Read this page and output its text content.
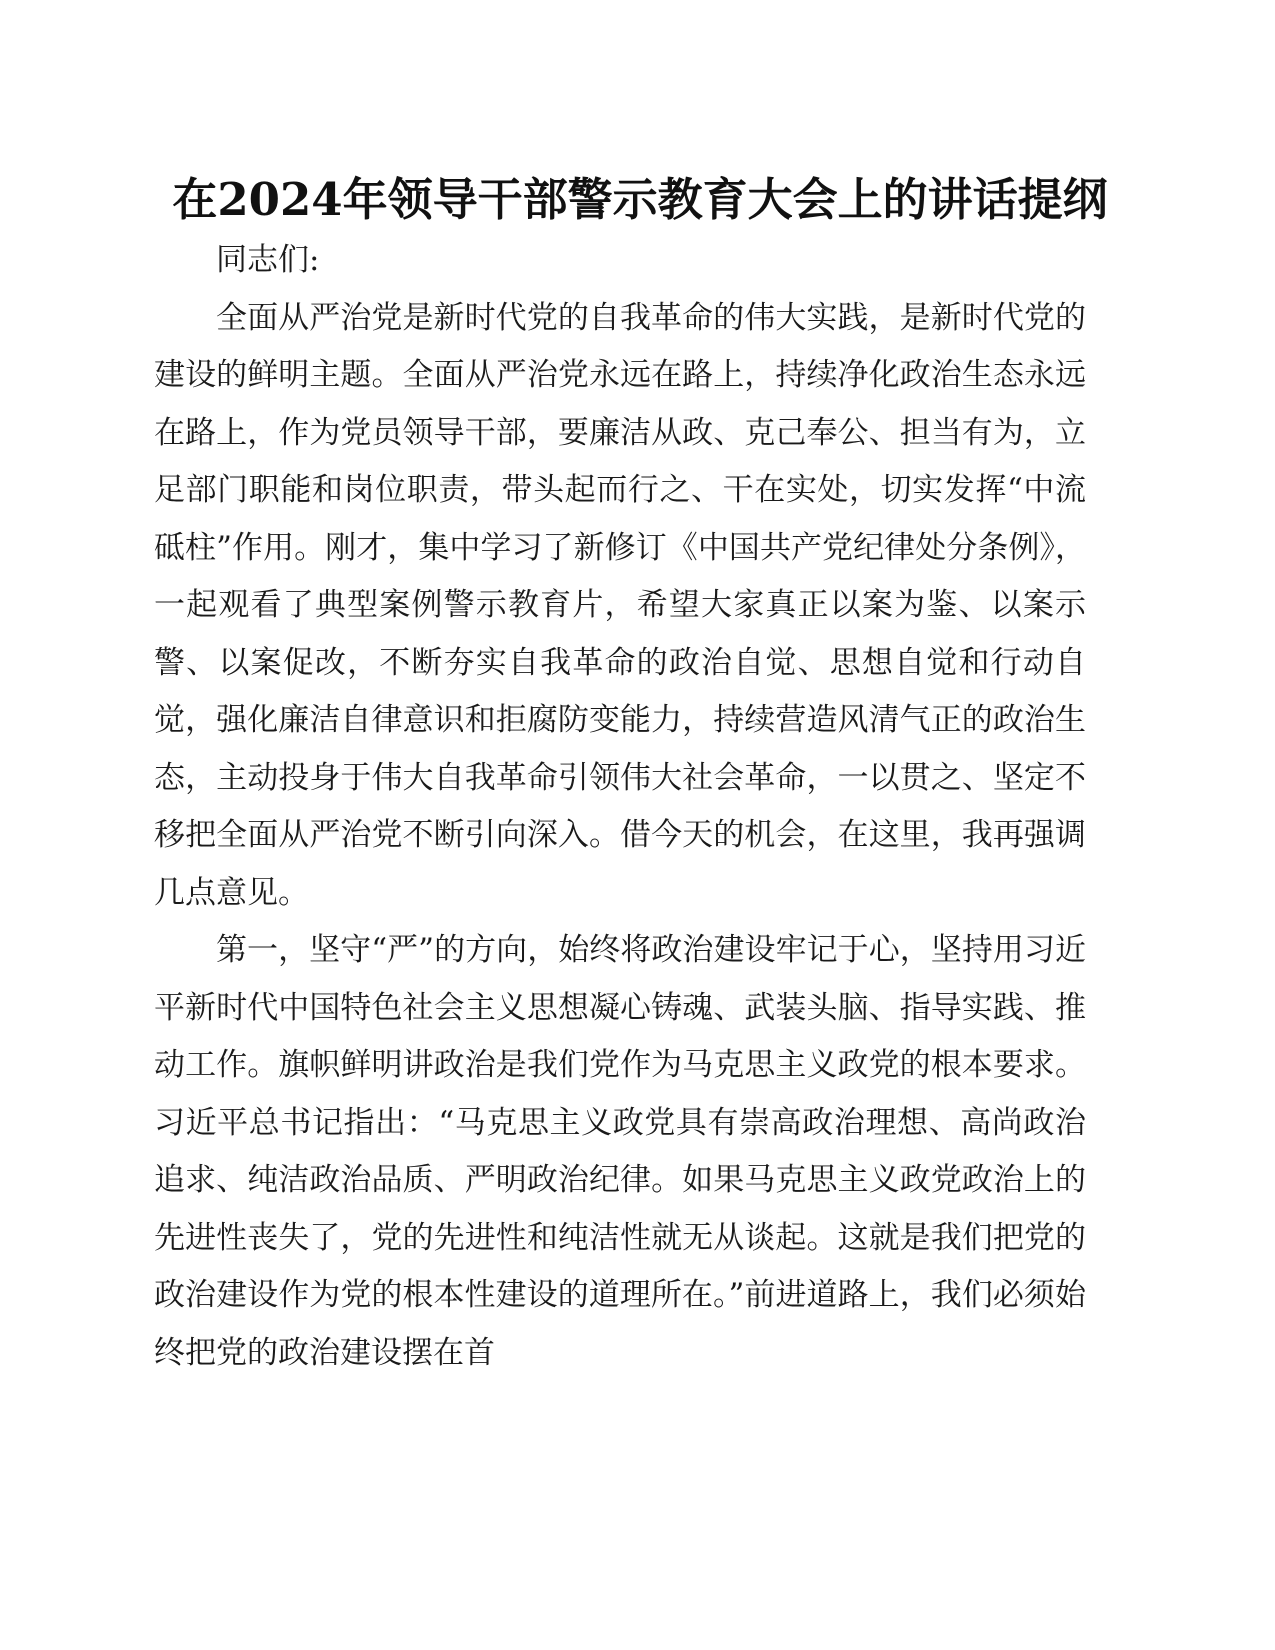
在2024年领导干部警示教育大会上的讲话提纲

同志们:

全面从严治党是新时代党的自我革命的伟大实践，是新时代党的建设的鲜明主题。全面从严治党永远在路上，持续净化政治生态永远在路上，作为党员领导干部，要廉洁从政、克己奉公、担当有为，立足部门职能和岗位职责，带头起而行之、干在实处，切实发挥“中流砥柱”作用。刚才，集中学习了新修订《中国共产党纪律处分条例》，一起观看了典型案例警示教育片，希望大家真正以案为鉴、以案示警、以案促改，不断夯实自我革命的政治自觉、思想自觉和行动自觉，强化廉洁自律意识和拒腐防变能力，持续营造风清气正的政治生态，主动投身于伟大自我革命引领伟大社会革命，一以贯之、坚定不移把全面从严治党不断引向深入。借今天的机会，在这里，我再强调几点意见。

第一，坚守“严”的方向，始终将政治建设牢记于心，坚持用习近平新时代中国特色社会主义思想凝心铸魂、武装头脑、指导实践、推动工作。旗帜鲜明讲政治是我们党作为马克思主义政党的根本要求。习近平总书记指出：“马克思主义政党具有崇高政治理想、高尚政治追求、纯洁政治品质、严明政治纪律。如果马克思主义政党政治上的先进性丧失了，党的先进性和纯洁性就无从谈起。这就是我们把党的政治建设作为党的根本性建设的道理所在。”前进道路上，我们必须始终把党的政治建设摆在首
